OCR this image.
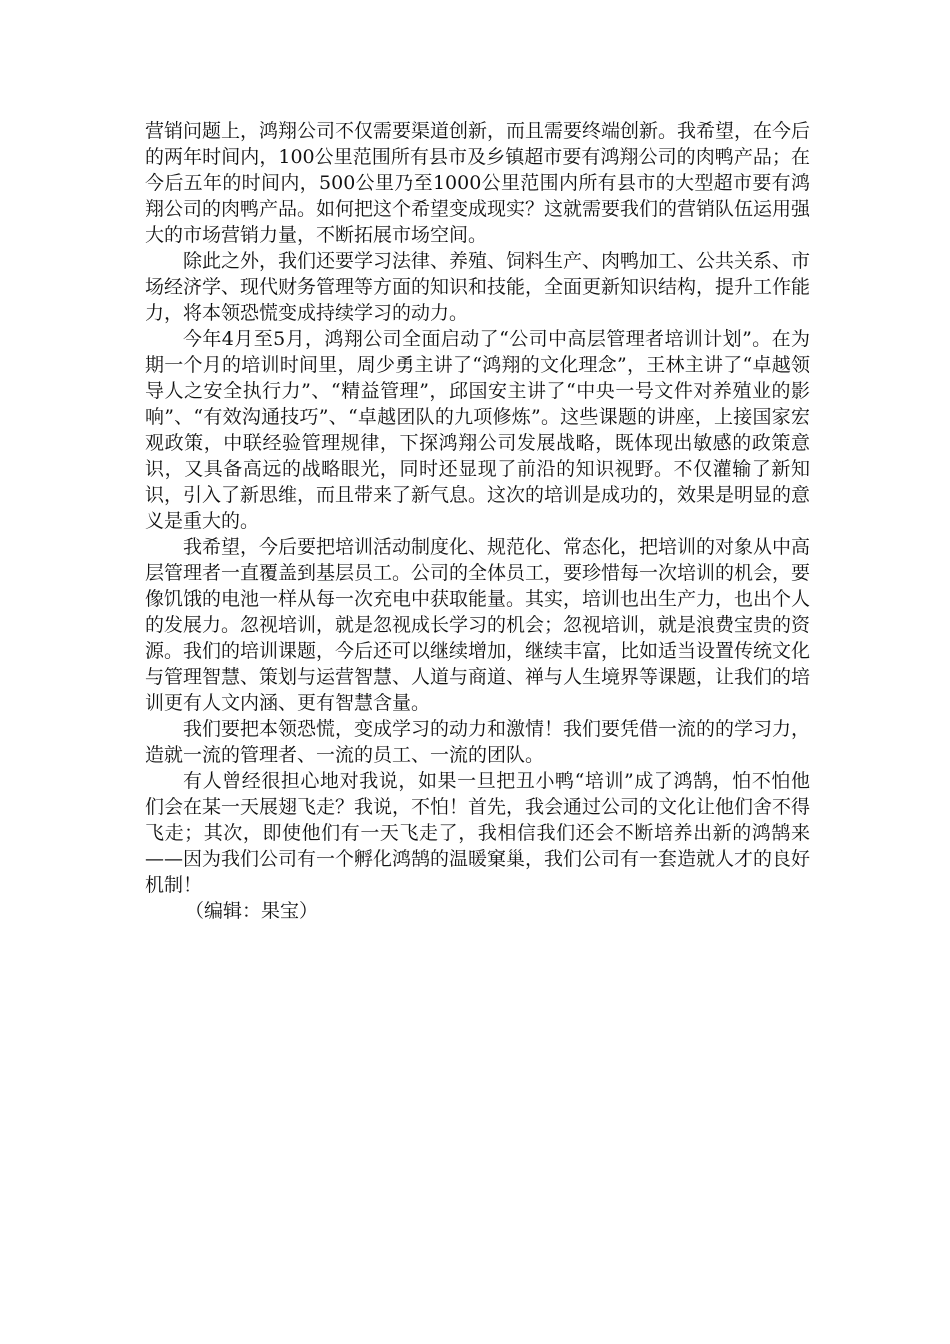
营销问题上，鸿翔公司不仅需要渠道创新，而且需要终端创新。我希望，在今后的两年时间内，100公里范围所有县市及乡镇超市要有鸿翔公司的肉鸭产品；在今后五年的时间内，500公里乃至1000公里范围内所有县市的大型超市要有鸿翔公司的肉鸭产品。如何把这个希望变成现实？这就需要我们的营销队伍运用强大的市场营销力量，不断拓展市场空间。

除此之外，我们还要学习法律、养殖、饲料生产、肉鸭加工、公共关系、市场经济学、现代财务管理等方面的知识和技能，全面更新知识结构，提升工作能力，将本领恐慌变成持续学习的动力。

今年4月至5月，鸿翔公司全面启动了“公司中高层管理者培训计划”。在为期一个月的培训时间里，周少勇主讲了“鸿翔的文化理念”，王林主讲了“卓越领导人之安全执行力”、“精益管理”，邱国安主讲了“中央一号文件对养殖业的影响”、“有效沟通技巧”、“卓越团队的九项修炼”。这些课题的讲座，上接国家宏观政策，中联经验管理规律，下探鸿翔公司发展战略，既体现出敏感的政策意识，又具备高远的战略眼光，同时还显现了前沿的知识视野。不仅灌输了新知识，引入了新思维，而且带来了新气息。这次的培训是成功的，效果是明显的意义是重大的。

我希望，今后要把培训活动制度化、规范化、常态化，把培训的对象从中高层管理者一直覆盖到基层员工。公司的全体员工，要珍惜每一次培训的机会，要像饥饿的电池一样从每一次充电中获取能量。其实，培训也出生产力，也出个人的发展力。忽视培训，就是忽视成长学习的机会；忽视培训，就是浪费宝贵的资源。我们的培训课题，今后还可以继续增加，继续丰富，比如适当设置传统文化与管理智慧、策划与运营智慧、人道与商道、禅与人生境界等课题，让我们的培训更有人文内涵、更有智慧含量。

我们要把本领恐慌，变成学习的动力和激情！我们要凭借一流的的学习力，造就一流的管理者、一流的员工、一流的团队。

有人曾经很担心地对我说，如果一旦把丑小鸭“培训”成了鸿鹄，怕不怕他们会在某一天展翅飞走？我说，不怕！首先，我会通过公司的文化让他们舍不得飞走；其次，即使他们有一天飞走了，我相信我们还会不断培养出新的鸿鹄来——因为我们公司有一个孵化鸿鹄的温暖窠巢，我们公司有一套造就人才的良好机制！

（编辑：果宝）
